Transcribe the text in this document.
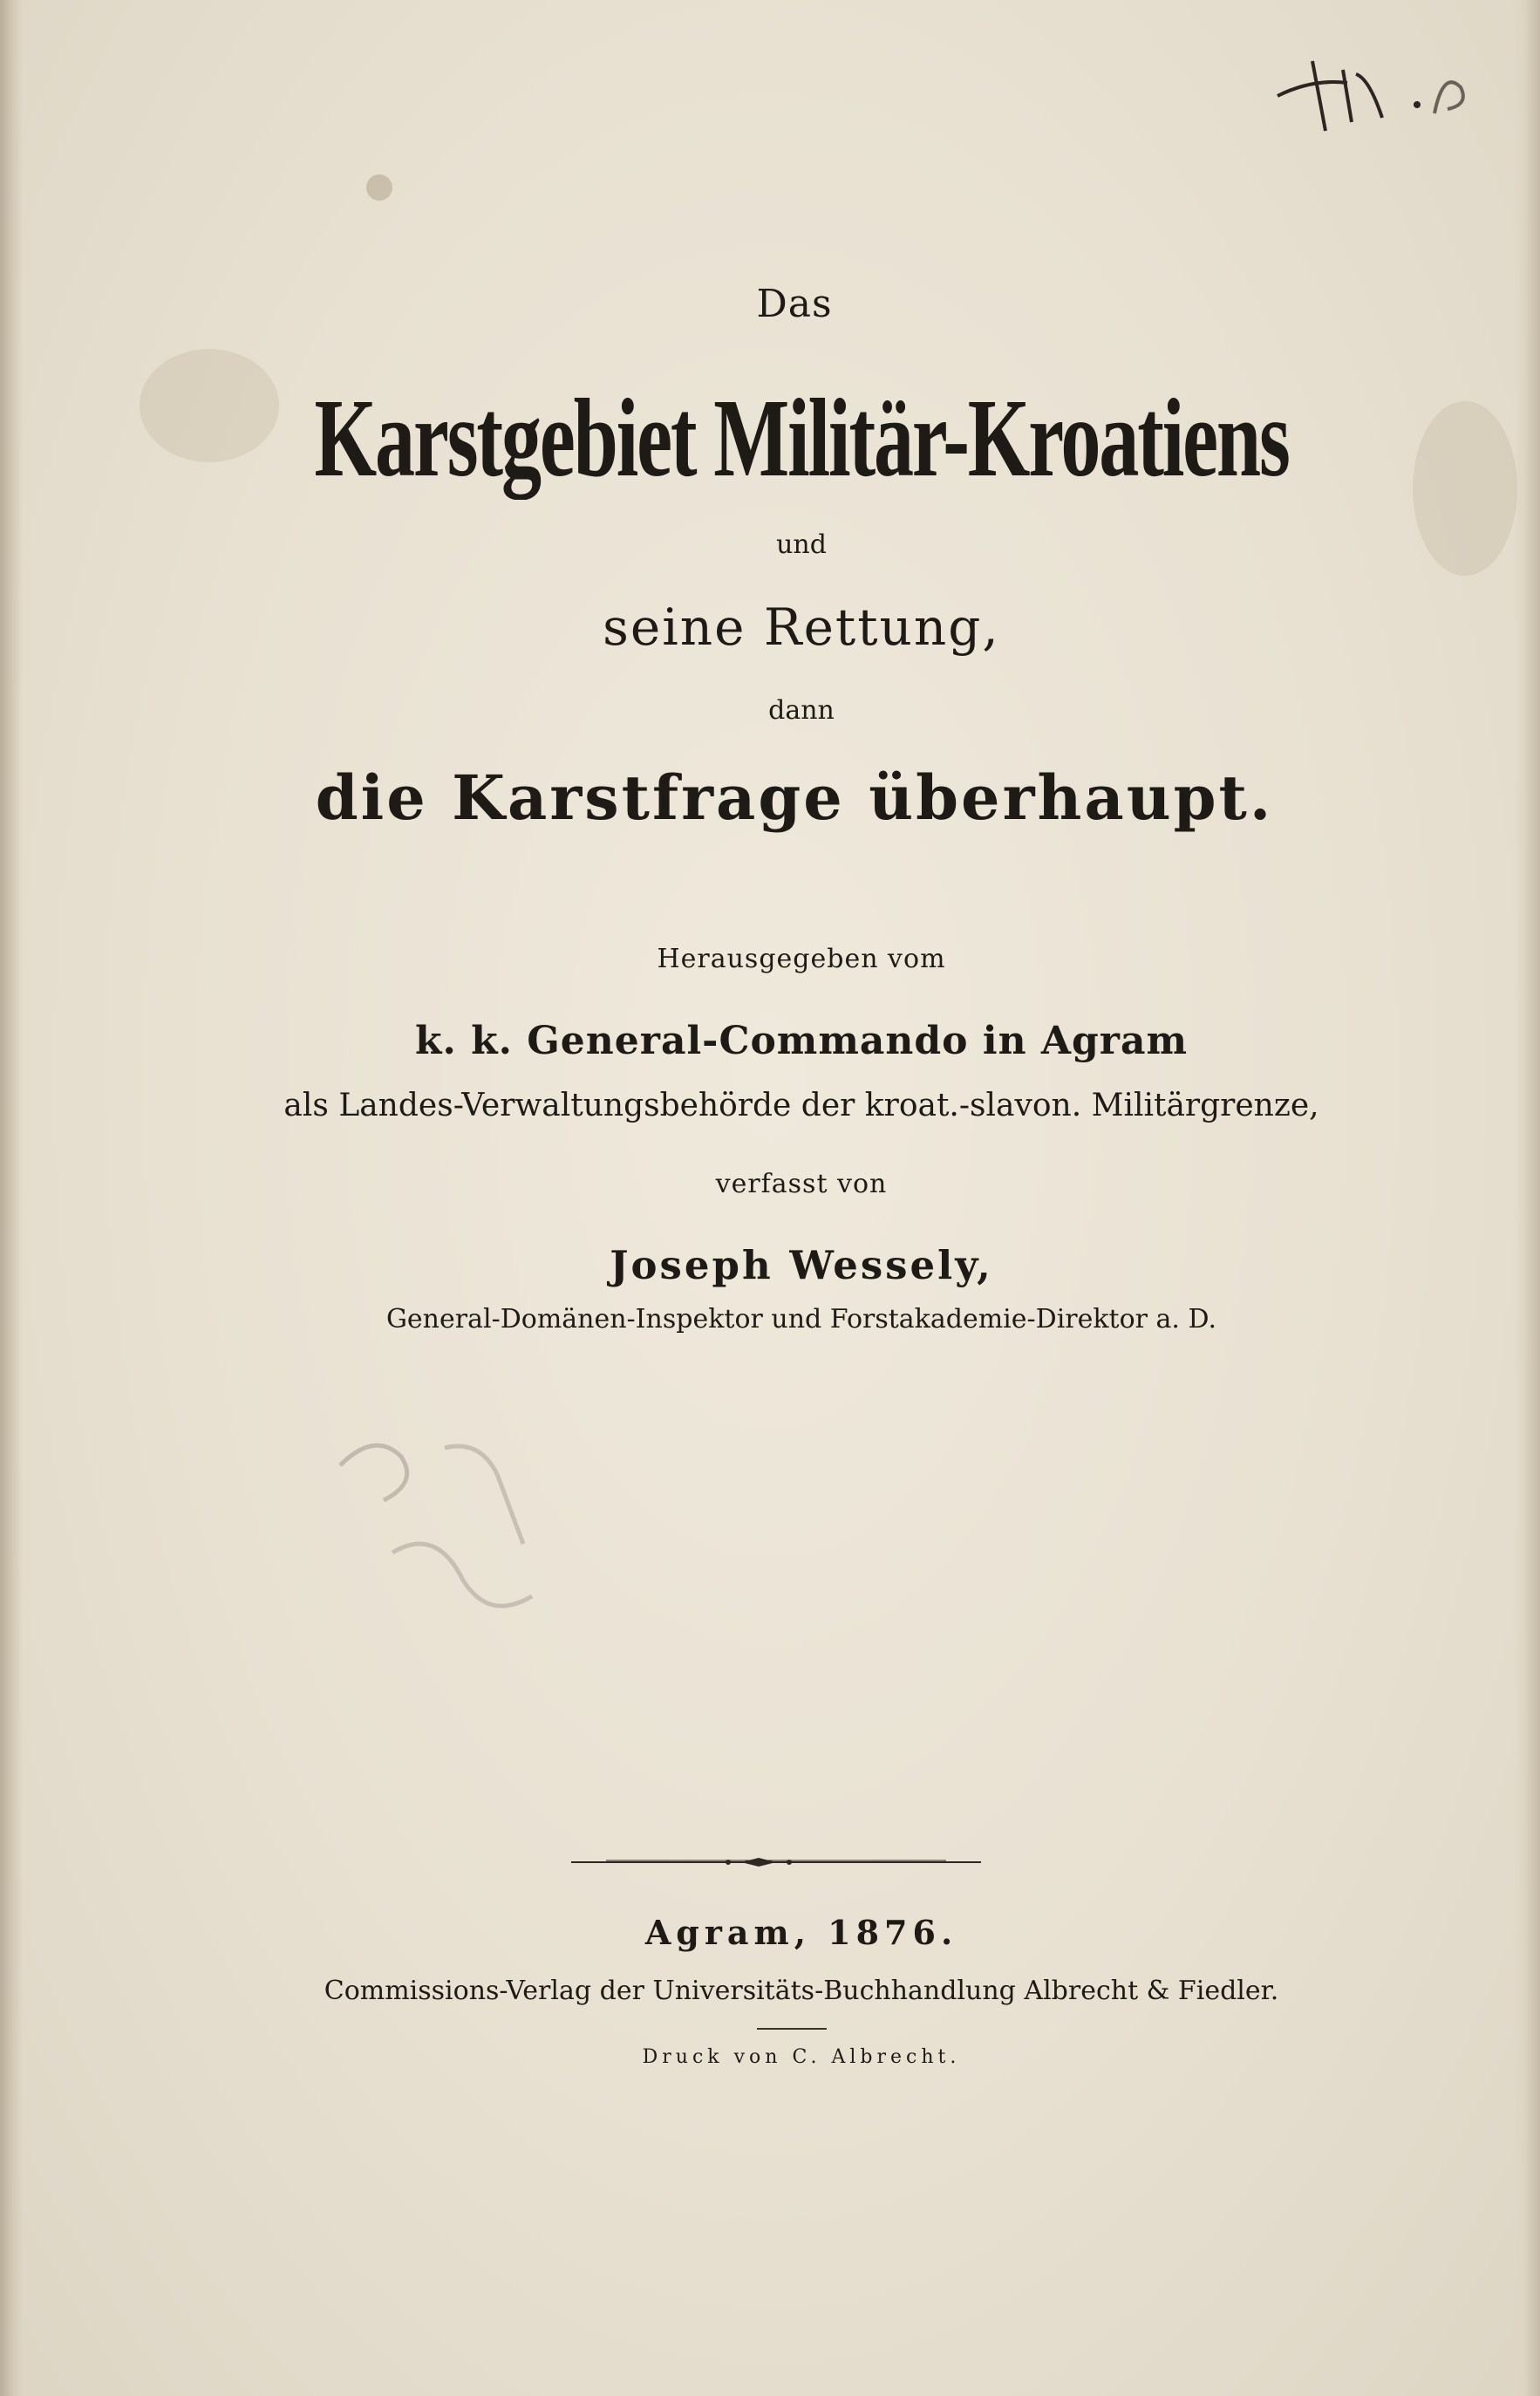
Das
Karstgebiet Militär-Kroatiens
und
seine Rettung,
dann
die Karstfrage überhaupt.
Herausgegeben vom
k. k. General-Commando in Agram
als Landes-Verwaltungsbehörde der kroat.-slavon. Militärgrenze,
verfasst von
Joseph Wessely,
General-Domänen-Inspektor und Forstakademie-Direktor a. D.
Agram, 1876.
Commissions-Verlag der Universitäts-Buchhandlung Albrecht & Fiedler.
Druck von C. Albrecht.
